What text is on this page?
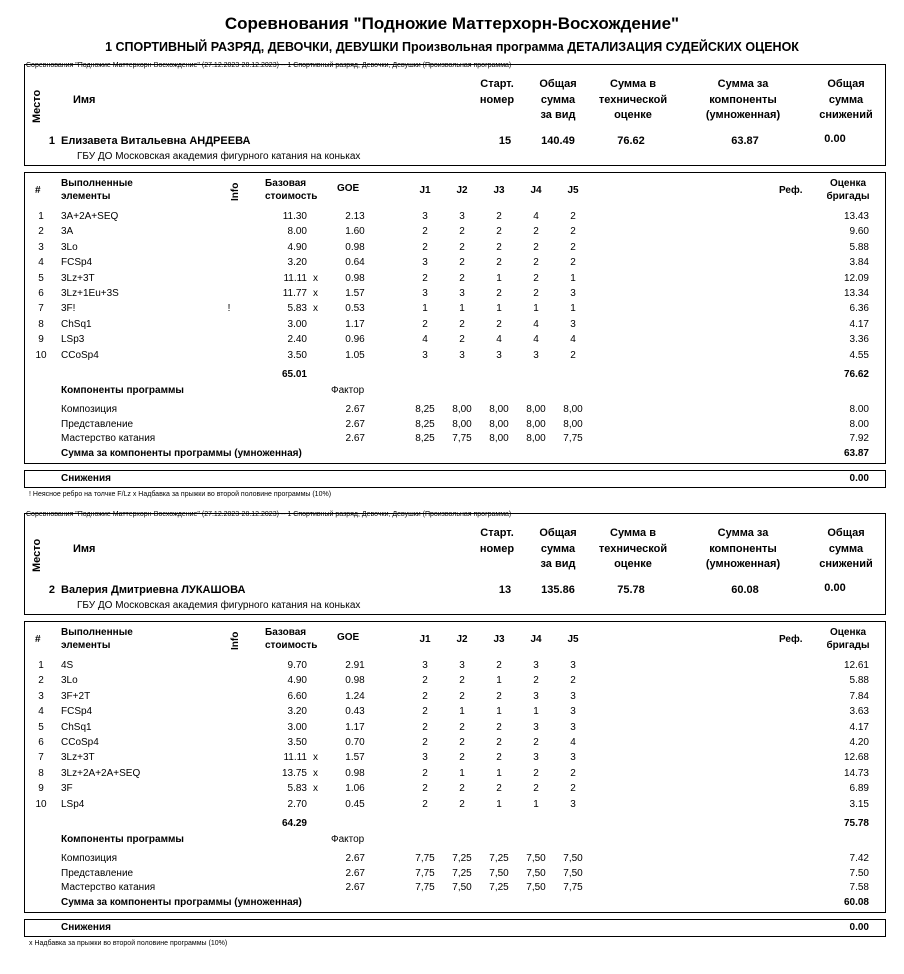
Соревнования "Подножие Маттерхорн-Восхождение"
1 СПОРТИВНЫЙ РАЗРЯД, ДЕВОЧКИ, ДЕВУШКИ Произвольная программа ДЕТАЛИЗАЦИЯ СУДЕЙСКИХ ОЦЕНОК
Соревнования "Подножие Маттерхорн-Восхождение" (27.12.2023-28.12.2023) -- 1 Спортивный разряд, Девочки, Девушки (Произвольная программа)
Место	Имя
Старт.
номер
Общая
сумма
за вид
Сумма в
технической
оценке
Сумма за
компоненты
(умноженная)
Общая
сумма
снижений
1 Елизавета Витальевна АНДРЕЕВА
ГБУ ДО Московская академия фигурного катания на коньках
15	140.49	76.62	63.87	0.00
#
Выполненные
элементы	Info Базовая
стоимость
GOE	J1	J2	J3	J4	J5	Реф.
Оценка
бригады
1	3A+2A+SEQ	11.30	2.13	3	3	2	4	2	13.43
2	3A	8.00	1.60	2	2	2	2	2	9.60
3	3Lo	4.90	0.98	2	2	2	2	2	5.88
4	FCSp4	3.20	0.64	3	2	2	2	2	3.84
5	3Lz+3T	11.11 x	0.98	2	2	1	2	1	12.09
6	3Lz+1Eu+3S	11.77 x	1.57	3	3	2	2	3	13.34
7	3F!	!	5.83 x	0.53	1	1	1	1	1	6.36
8	ChSq1	3.00	1.17	2	2	2	4	3	4.17
9	LSp3	2.40	0.96	4	2	4	4	4	3.36
10	CCoSp4	3.50	1.05	3	3	3	3	2	4.55
65.01	76.62
Компоненты программы	Фактор
Композиция	2.67	8,25	8,00	8,00	8,00	8,00	8.00
Представление	2.67	8,25	8,00	8,00	8,00	8,00	8.00
Мастерство катания	2.67	8,25	7,75	8,00	8,00	7,75	7.92
Сумма за компоненты программы (умноженная)	63.87
Снижения	0.00
! Неясное ребро на толчке F/Lz x Надбавка за прыжки во второй половине программы (10%)
Соревнования "Подножие Маттерхорн-Восхождение" (27.12.2023-28.12.2023) -- 1 Спортивный разряд, Девочки, Девушки (Произвольная программа)
Место	Имя
Старт.
номер
Общая
сумма
за вид
Сумма в
технической
оценке
Сумма за
компоненты
(умноженная)
Общая
сумма
снижений
2 Валерия Дмитриевна ЛУКАШОВА
ГБУ ДО Московская академия фигурного катания на коньках
13	135.86	75.78	60.08	0.00
#
Выполненные
элементы	Info Базовая
стоимость
GOE	J1	J2	J3	J4	J5	Реф.
Оценка
бригады
1	4S	9.70	2.91	3	3	2	3	3	12.61
2	3Lo	4.90	0.98	2	2	1	2	2	5.88
3	3F+2T	6.60	1.24	2	2	2	3	3	7.84
4	FCSp4	3.20	0.43	2	1	1	1	3	3.63
5	ChSq1	3.00	1.17	2	2	2	3	3	4.17
6	CCoSp4	3.50	0.70	2	2	2	2	4	4.20
7	3Lz+3T	11.11 x	1.57	3	2	2	3	3	12.68
8	3Lz+2A+2A+SEQ	13.75 x	0.98	2	1	1	2	2	14.73
9	3F	5.83 x	1.06	2	2	2	2	2	6.89
10	LSp4	2.70	0.45	2	2	1	1	3	3.15
64.29	75.78
Компоненты программы	Фактор
Композиция	2.67	7,75	7,25	7,25	7,50	7,50	7.42
Представление	2.67	7,75	7,25	7,50	7,50	7,50	7.50
Мастерство катания	2.67	7,75	7,50	7,25	7,50	7,75	7.58
Сумма за компоненты программы (умноженная)	60.08
Снижения	0.00
x Надбавка за прыжки во второй половине программы (10%)
